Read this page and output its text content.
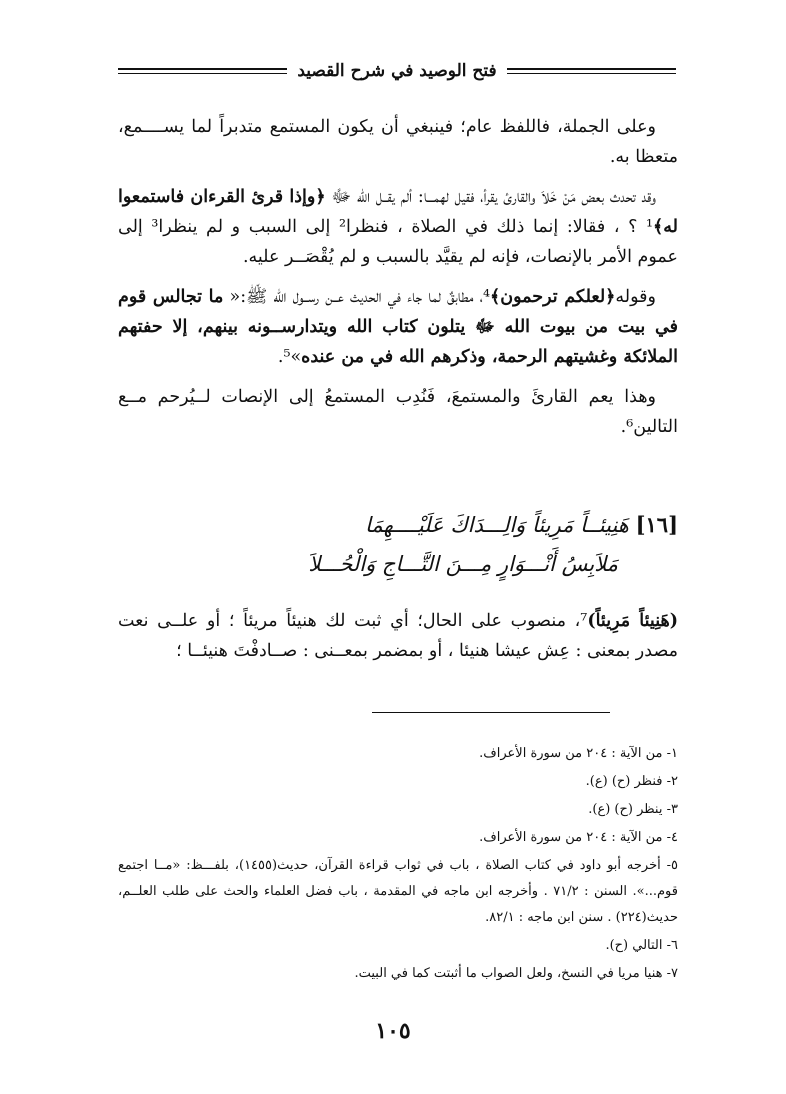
فتح الوصيد في شرح القصيد

وعلى الجملة، فاللفظ عام؛ فينبغي أن يكون المستمع متدبراً لما يســــمع، متعظا به.

وقد تحدث بعض مَنْ خَلاَ والقارئ يقرأ، فقيل لهمـــا: ألم يقــل الله ﷻ ﴿وإذا قرئ القرءان فاستمعوا له﴾¹ ؟ ، فقالا: إنما ذلك في الصلاة ، فنظرا² إلى السبب و لم ينظرا³ إلى عموم الأمر بالإنصات، فإنه لم يقيَّد بالسبب و لم يُقْصَــر عليه.

وقوله﴿لعلكم ترحمون﴾⁴، مطابقٌ لما جاء في الحديث عــن رســول الله ﷺ:« ما تجالس قوم في بيت من بيوت الله ﷻ يتلون كتاب الله ويتدارســونه بينهم، إلا حفتهم الملائكة وغشيتهم الرحمة، وذكرهم الله في من عنده»⁵.

وهذا يعم القارئَ والمستمعَ، فَنُدِب المستمعُ إلى الإنصات لــيُرحم مــع التالين⁶.

[١٦] هَنِيئــاً مَرِيئاً وَالِـــدَاكَ عَلَيْــــهِمَا
مَلاَبِسُ أَنْـــوَارٍ مِـــنَ التَّـــاجِ وَالْحُـــلاَ

(هَنِيئاً مَرِيئاً)⁷، منصوب على الحال؛ أي ثبت لك هنيئاً مريئاً ؛ أو علــى نعت مصدر بمعنى : عِش عيشا هنيئا ، أو بمضمر بمعــنى : صــادفْتَ هنيئــا ؛

١- من الآية : ٢٠٤ من سورة الأعراف.
٢- فنظر (ح) (ع).
٣- ينظر (ح) (ع).
٤- من الآية : ٢٠٤ من سورة الأعراف.
٥- أخرجه أبو داود في كتاب الصلاة ، باب في ثواب قراءة القرآن، حديث(١٤٥٥)، بلفـــظ: «مــا اجتمع قوم...». السنن : ٧١/٢ . وأخرجه ابن ماجه في المقدمة ، باب فضل العلماء والحث على طلب العلــم، حديث(٢٢٤) . سنن ابن ماجه : ٨٢/١.
٦- التالي (ح).
٧- هنيا مريا في النسخ، ولعل الصواب ما أثبتت كما في البيت.
١٠٥
